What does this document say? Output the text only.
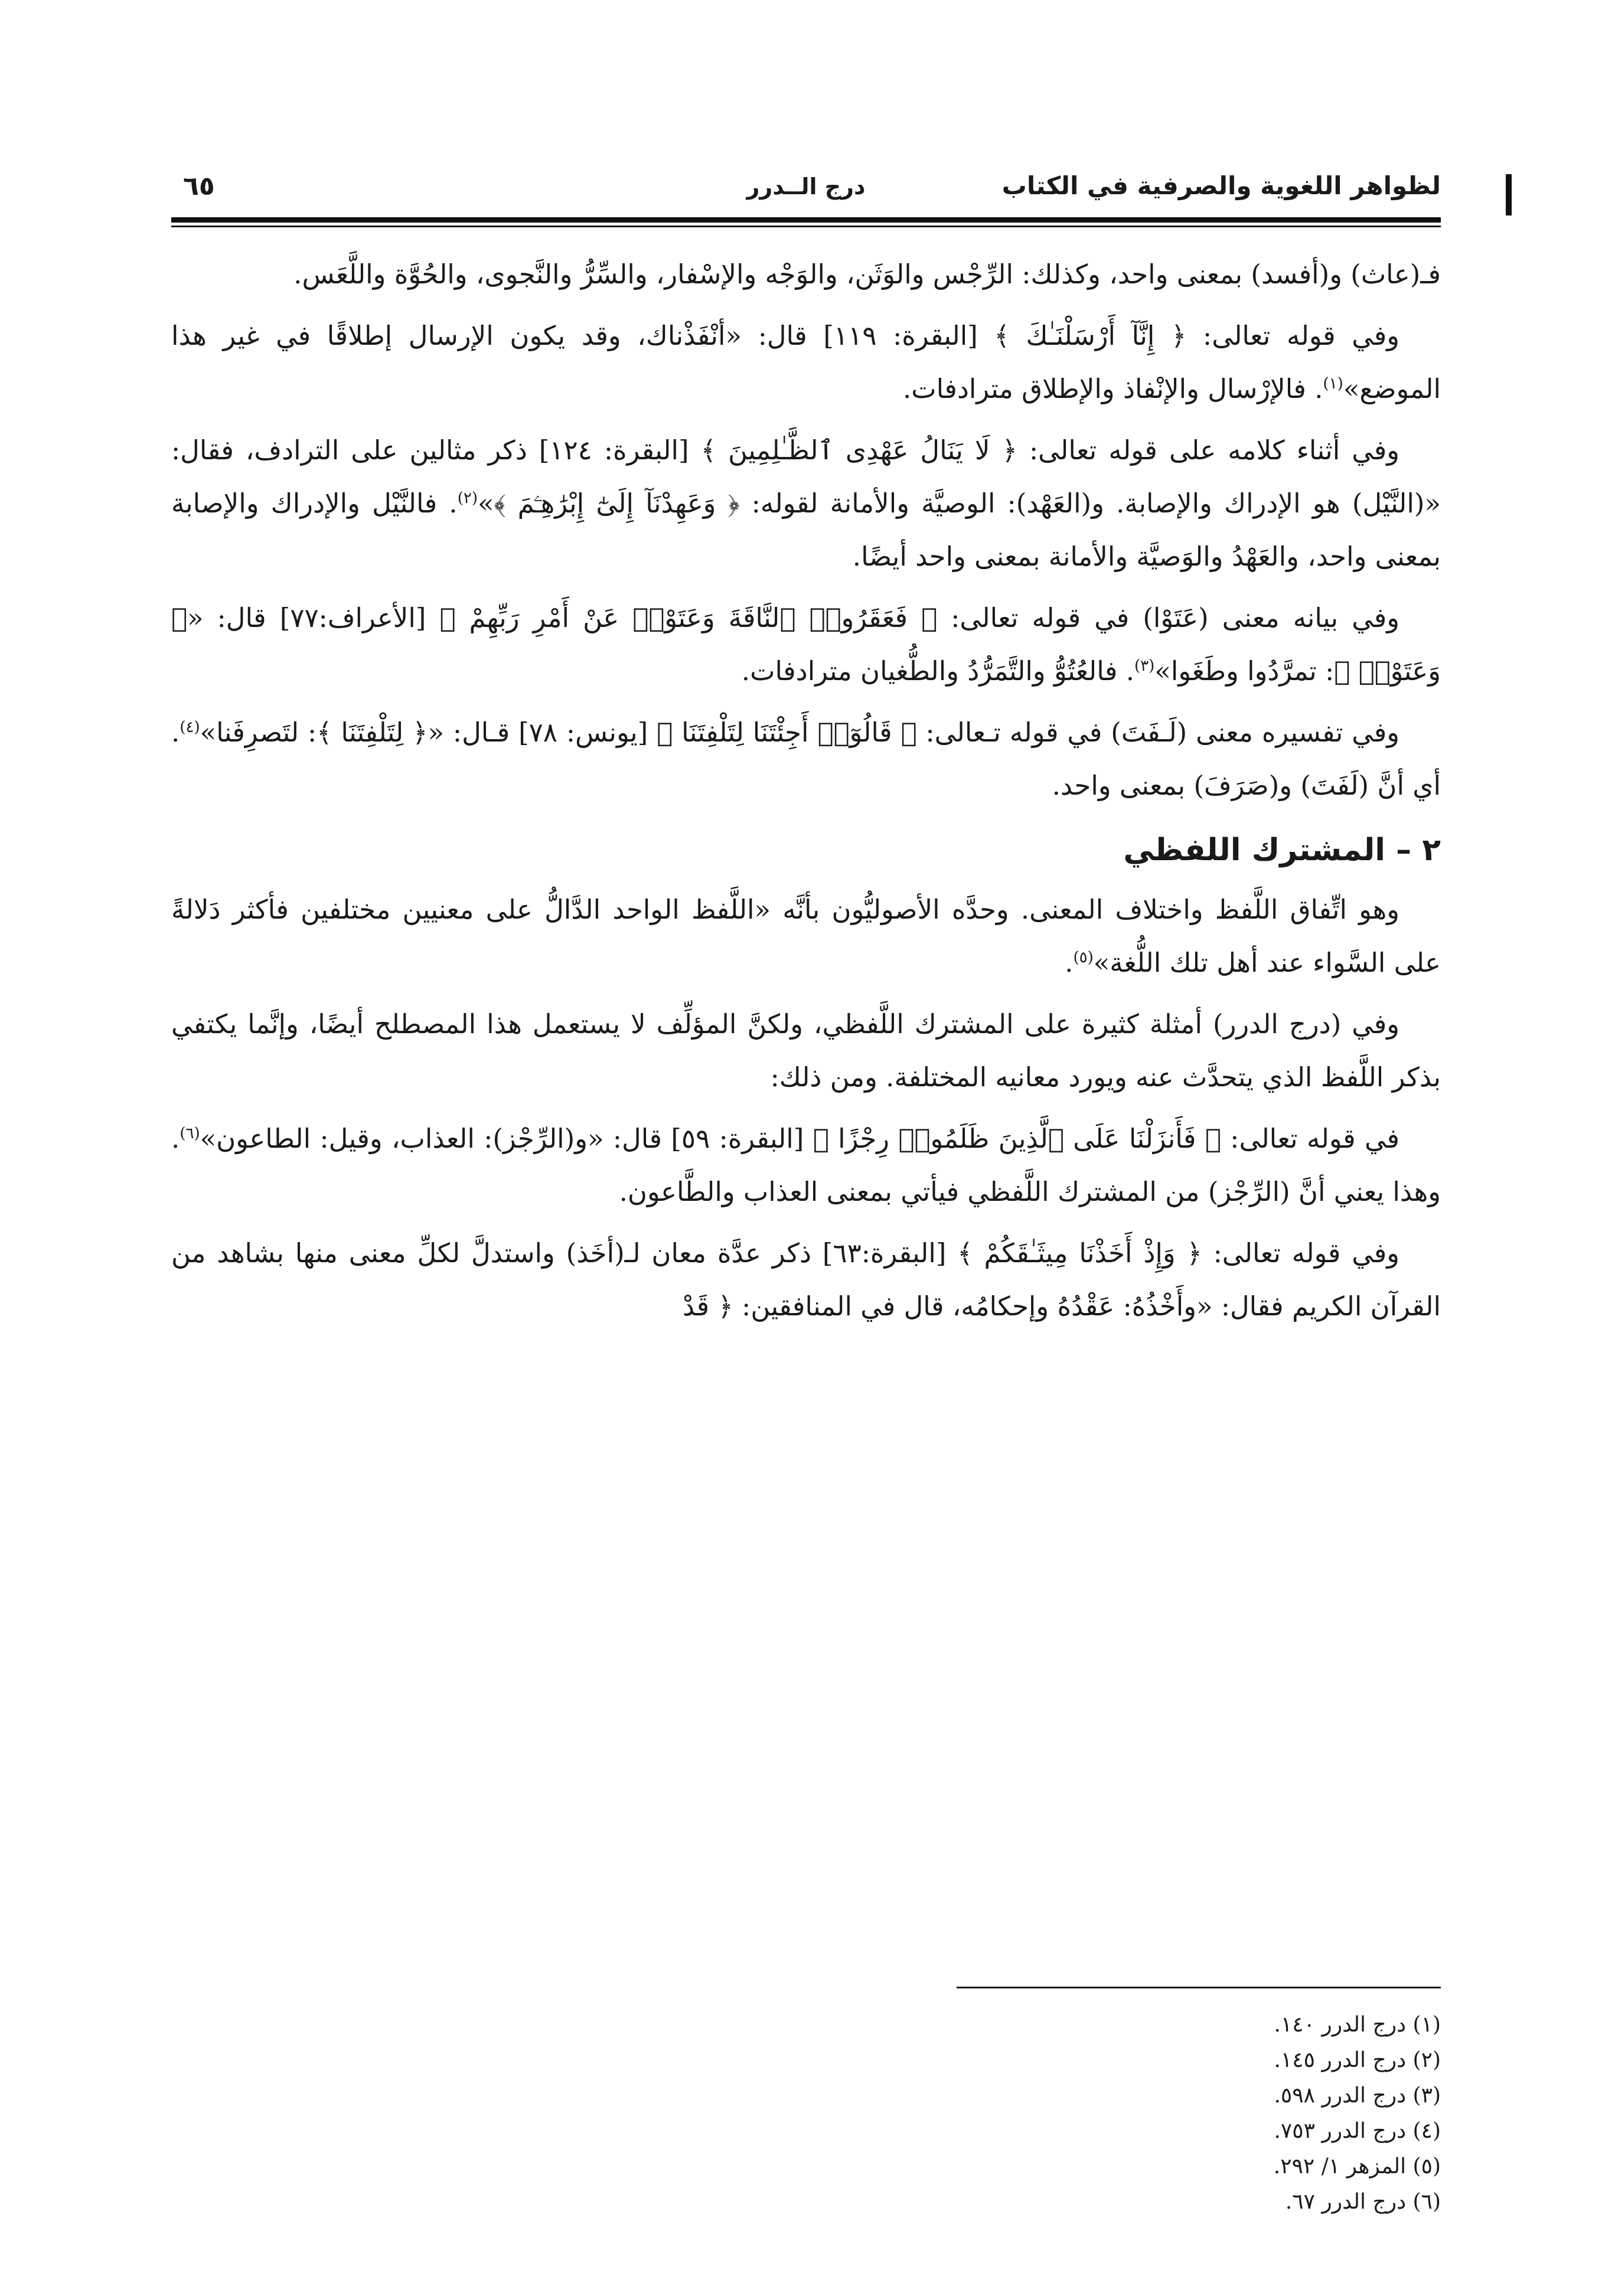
لظواهر اللغوية والصرفية في الكتاب
درج الــدرر
٦٥

فـ(عاث) و(أفسد) بمعنى واحد، وكذلك: الرِّجْس والوَثَن، والوَجْه والإسْفار، والسِّرُّ والنَّجوى، والحُوَّة واللَّعَس.

وفي قوله تعالى: ﴿ إِنَّآ أَرْسَلْنَـٰكَ ﴾ [البقرة: ١١٩] قال: «أنْفَذْناك، وقد يكون الإرسال إطلاقًا في غير هذا الموضع»$^{(١)}$. فالإرْسال والإنْفاذ والإطلاق مترادفات.

وفي أثناء كلامه على قوله تعالى: ﴿ لَا يَنَالُ عَهْدِى ٱلظَّـٰلِمِينَ ﴾ [البقرة: ١٢٤] ذكر مثالين على الترادف، فقال: «(النَّيْل) هو الإدراك والإصابة. و(العَهْد): الوصيَّة والأمانة لقوله: ﴿ وَعَهِدْنَآ إِلَىٰٓ إِبْرَٰهِـۧمَ ﴾»$^{(٢)}$. فالنَّيْل والإدراك والإصابة بمعنى واحد، والعَهْدُ والوَصيَّة والأمانة بمعنى واحد أيضًا.

وفي بيانه معنى (عَتَوْا) في قوله تعالى: ﴿ فَعَقَرُوا۟ ٱلنَّاقَةَ وَعَتَوْا۟ عَنْ أَمْرِ رَبِّهِمْ ﴾ [الأعراف:٧٧] قال: «﴿ وَعَتَوْا۟ ﴾: تمرَّدُوا وطَغَوا»$^{(٣)}$. فالعُتُوُّ والتَّمَرُّدُ والطُّغيان مترادفات.

وفي تفسيره معنى (لَـفَتَ) في قوله تـعالى: ﴿ قَالُوٓا۟ أَجِئْتَنَا لِتَلْفِتَنَا ﴾ [يونس: ٧٨] قـال: «﴿ لِتَلْفِتَنَا ﴾: لتَصرِفَنا»$^{(٤)}$. أي أنَّ (لَفَتَ) و(صَرَفَ) بمعنى واحد.

٢ – المشترك اللفظي

وهو اتِّفاق اللَّفظ واختلاف المعنى. وحدَّه الأصوليُّون بأنَّه «اللَّفظ الواحد الدَّالُّ على معنيين مختلفين فأكثر دَلالةً على السَّواء عند أهل تلك اللُّغة»$^{(٥)}$.

وفي (درج الدرر) أمثلة كثيرة على المشترك اللَّفظي، ولكنَّ المؤلِّف لا يستعمل هذا المصطلح أيضًا، وإنَّما يكتفي بذكر اللَّفظ الذي يتحدَّث عنه ويورد معانيه المختلفة. ومن ذلك:

في قوله تعالى: ﴿ فَأَنزَلْنَا عَلَى ٱلَّذِينَ ظَلَمُوا۟ رِجْزًا ﴾ [البقرة: ٥٩] قال: «و(الرِّجْز): العذاب، وقيل: الطاعون»$^{(٦)}$. وهذا يعني أنَّ (الرِّجْز) من المشترك اللَّفظي فيأتي بمعنى العذاب والطَّاعون.

وفي قوله تعالى: ﴿ وَإِذْ أَخَذْنَا مِيثَـٰقَكُمْ ﴾ [البقرة:٦٣] ذكر عدَّة معان لـ(أخَذ) واستدلَّ لكلِّ معنى منها بشاهد من القرآن الكريم فقال: «وأَخْذُهُ: عَقْدُهُ وإحكامُه، قال في المنافقين: ﴿ قَدْ

(١) درج الدرر ١٤٠.
(٢) درج الدرر ١٤٥.
(٣) درج الدرر ٥٩٨.
(٤) درج الدرر ٧٥٣.
(٥) المزهر ١/ ٢٩٢.
(٦) درج الدرر ٦٧.
